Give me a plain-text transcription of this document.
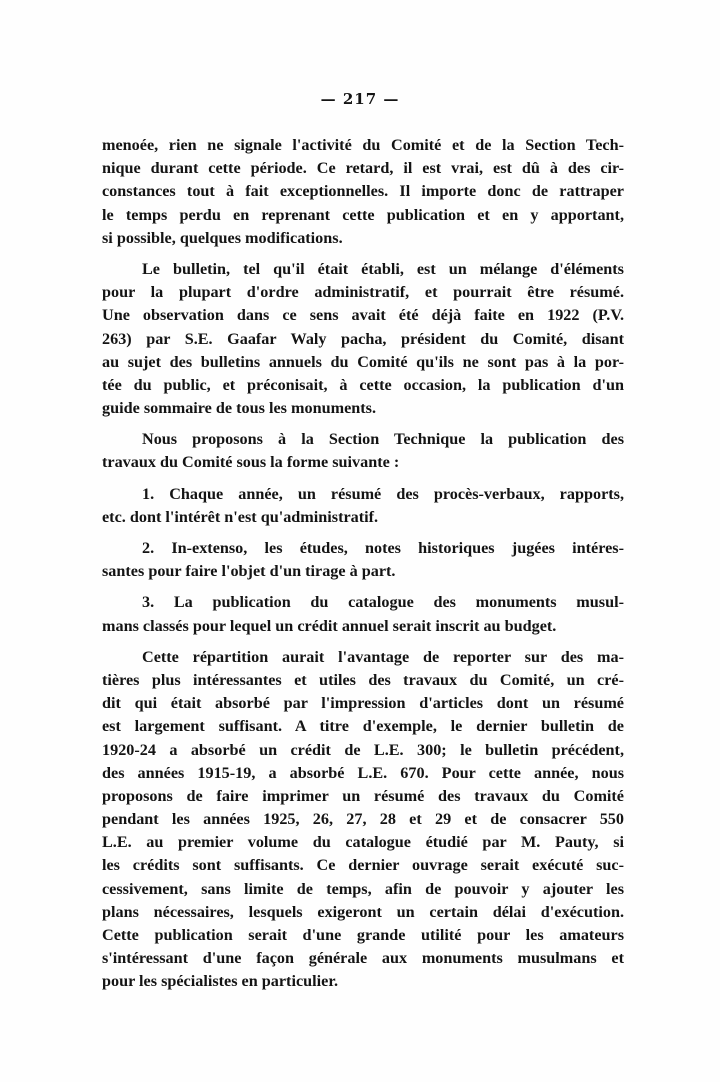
— 217 —
menoée, rien ne signale l'activité du Comité et de la Section Tech-
nique durant cette période. Ce retard, il est vrai, est dû à des cir-
constances tout à fait exceptionnelles. Il importe donc de rattraper
le temps perdu en reprenant cette publication et en y apportant,
si possible, quelques modifications.
Le bulletin, tel qu'il était établi, est un mélange d'éléments
pour la plupart d'ordre administratif, et pourrait être résumé.
Une observation dans ce sens avait été déjà faite en 1922 (P.V.
263) par S.E. Gaafar Waly pacha, président du Comité, disant
au sujet des bulletins annuels du Comité qu'ils ne sont pas à la por-
tée du public, et préconisait, à cette occasion, la publication d'un
guide sommaire de tous les monuments.
Nous proposons à la Section Technique la publication des
travaux du Comité sous la forme suivante :
1. Chaque année, un résumé des procès-verbaux, rapports,
etc. dont l'intérêt n'est qu'administratif.
2. In-extenso, les études, notes historiques jugées intéres-
santes pour faire l'objet d'un tirage à part.
3. La publication du catalogue des monuments musul-
mans classés pour lequel un crédit annuel serait inscrit au budget.
Cette répartition aurait l'avantage de reporter sur des ma-
tières plus intéressantes et utiles des travaux du Comité, un cré-
dit qui était absorbé par l'impression d'articles dont un résumé
est largement suffisant. A titre d'exemple, le dernier bulletin de
1920-24 a absorbé un crédit de L.E. 300; le bulletin précédent,
des années 1915-19, a absorbé L.E. 670. Pour cette année, nous
proposons de faire imprimer un résumé des travaux du Comité
pendant les années 1925, 26, 27, 28 et 29 et de consacrer 550
L.E. au premier volume du catalogue étudié par M. Pauty, si
les crédits sont suffisants. Ce dernier ouvrage serait exécuté suc-
cessivement, sans limite de temps, afin de pouvoir y ajouter les
plans nécessaires, lesquels exigeront un certain délai d'exécution.
Cette publication serait d'une grande utilité pour les amateurs
s'intéressant d'une façon générale aux monuments musulmans et
pour les spécialistes en particulier.
